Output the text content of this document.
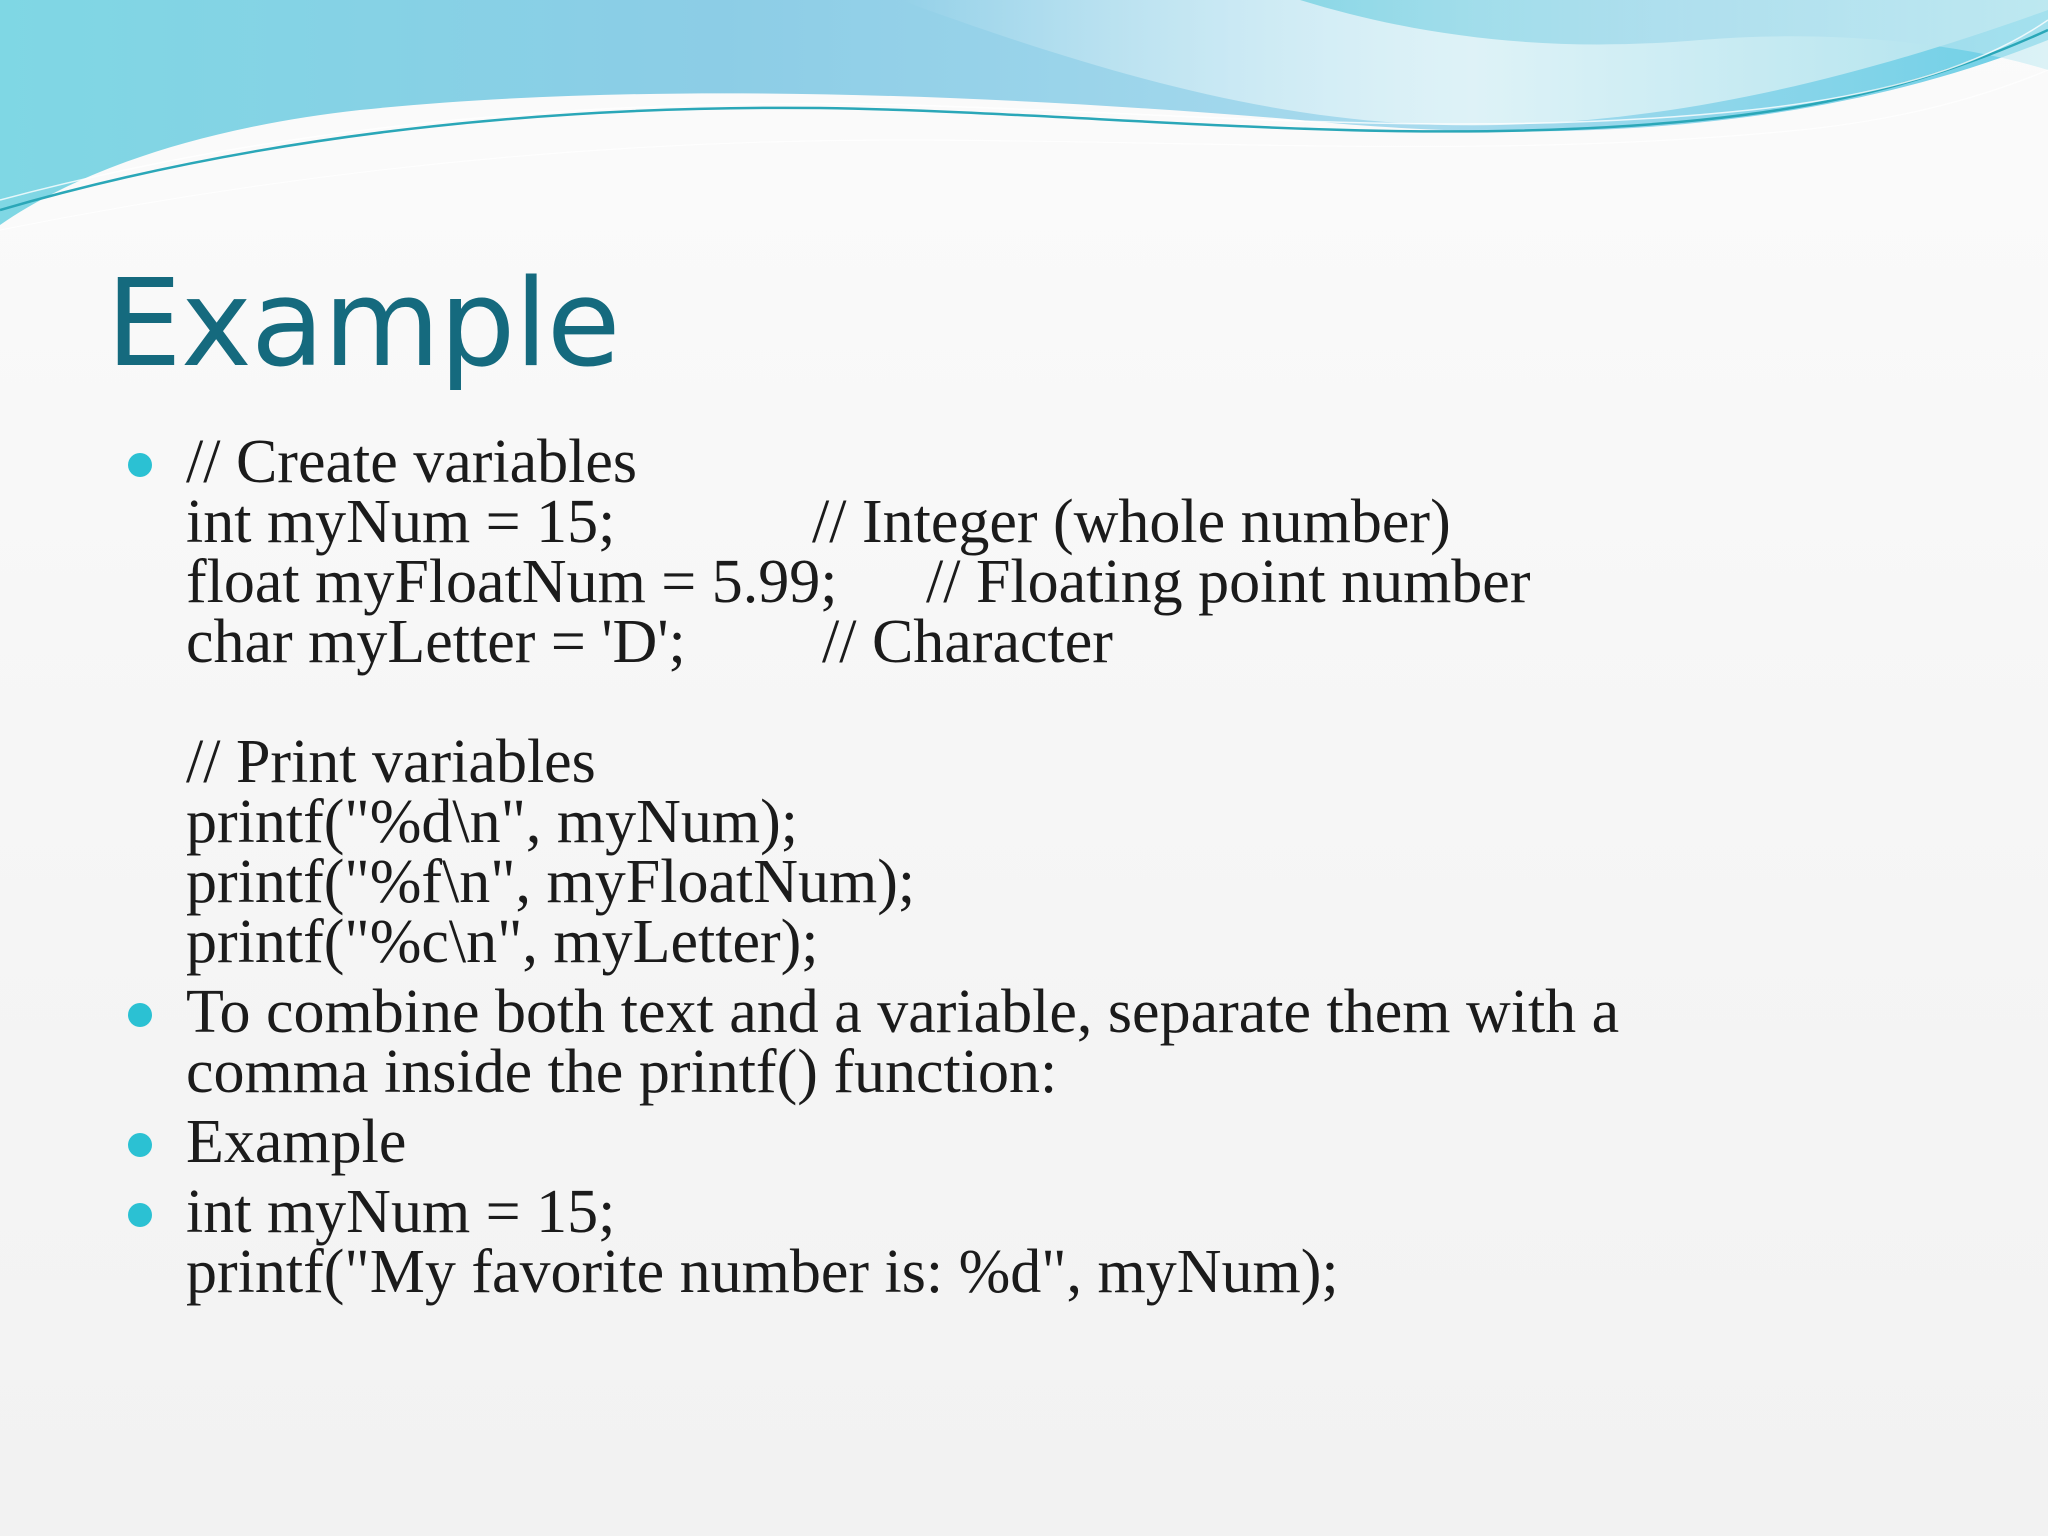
Example
// Create variables
int myNum = 15;	// Integer (whole number)
float myFloatNum = 5.99; // Floating point number
char myLetter = 'D'; // Character
// Print variables
printf("%d\n", myNum);
printf("%f\n", myFloatNum);
printf("%c\n", myLetter);
To combine both text and a variable, separate them with a
comma inside the printf() function:
Example
int myNum = 15;
printf("My favorite number is: %d", myNum);
